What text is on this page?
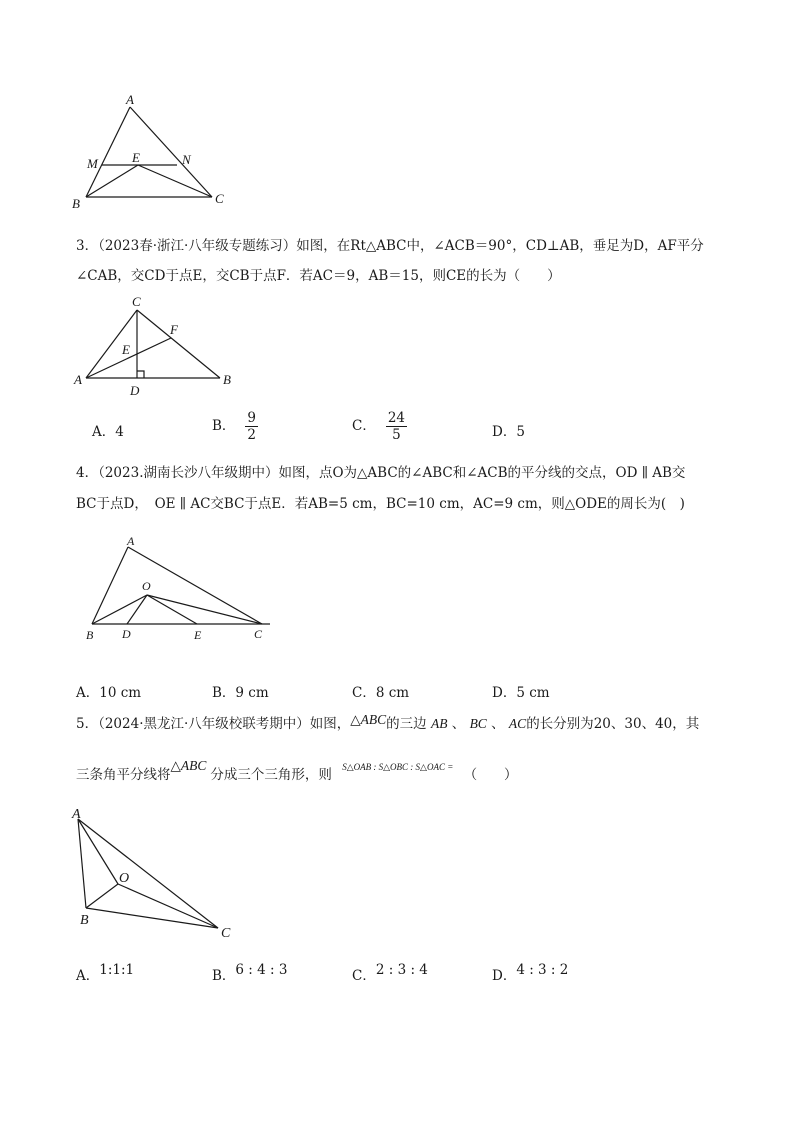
A
M	E	N
B	C
3．（2023春·浙江·八年级专题练习）如图，在Rt△ABC中，∠ACB＝90°，CD⊥AB，垂足为D，AF平分
∠CAB，交CD于点E，交CB于点F．若AC＝9，AB＝15，则CE的长为（　　）
C
F
E
A
D
B
A．4	B． $\frac{9}{2}$	C． $\frac{24}{5}$	D．5
4．（2023.湖南长沙八年级期中）如图，点O为△ABC的∠ABC和∠ACB的平分线的交点，OD ∥ AB交
BC于点D，　OE ∥ AC交BC于点E．若AB=5 cm，BC=10 cm，AC=9 cm，则△ODE的周长为(　)
A
O
B D	E	C
A．10 cm	B．9 cm	C．8 cm	D．5 cm
5．（2024·黑龙江·八年级校联考期中）如图，△ABC的三边 AB 、 BC 、 AC的长分别为20、30、40，其
三条角平分线将△ABC分成三个三角形，则 $^{S\triangle OAB : S\triangle OBC : S\triangle OAC =}$ （　　）
A
O
B
C
A．1:1:1	B．6 : 4 : 3	C．2 : 3 : 4	D．4 : 3 : 2
